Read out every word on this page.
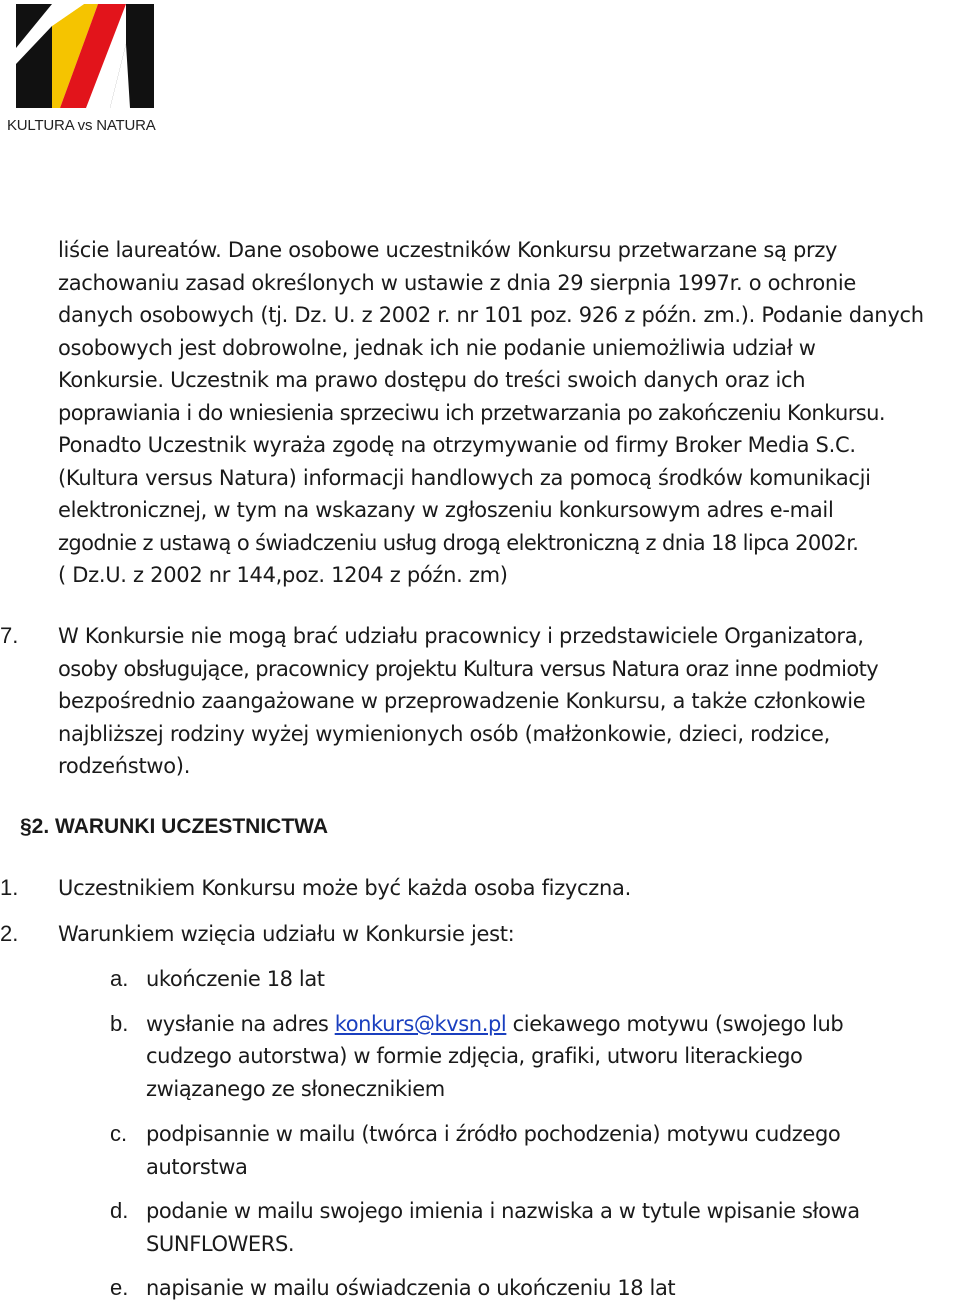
KULTURA vs NATURA
liście laureatów. Dane osobowe uczestników Konkursu przetwarzane są przy
zachowaniu zasad określonych w ustawie z dnia 29 sierpnia 1997r. o ochronie
danych osobowych (tj. Dz. U. z 2002 r. nr 101 poz. 926 z późn. zm.). Podanie danych
osobowych jest dobrowolne, jednak ich nie podanie uniemożliwia udział w
Konkursie. Uczestnik ma prawo dostępu do treści swoich danych oraz ich
poprawiania i do wniesienia sprzeciwu ich przetwarzania po zakończeniu Konkursu.
Ponadto Uczestnik wyraża zgodę na otrzymywanie od firmy Broker Media S.C.
(Kultura versus Natura) informacji handlowych za pomocą środków komunikacji
elektronicznej, w tym na wskazany w zgłoszeniu konkursowym adres e-mail
zgodnie z ustawą o świadczeniu usług drogą elektroniczną z dnia 18 lipca 2002r.
( Dz.U. z 2002 nr 144,poz. 1204 z późn. zm)
7. W Konkursie nie mogą brać udziału pracownicy i przedstawiciele Organizatora,
osoby obsługujące, pracownicy projektu Kultura versus Natura oraz inne podmioty
bezpośrednio zaangażowane w przeprowadzenie Konkursu, a także członkowie
najbliższej rodziny wyżej wymienionych osób (małżonkowie, dzieci, rodzice,
rodzeństwo).
§2. WARUNKI UCZESTNICTWA
1. Uczestnikiem Konkursu może być każda osoba fizyczna.
2. Warunkiem wzięcia udziału w Konkursie jest:
a. ukończenie 18 lat
b. wysłanie na adres konkurs@kvsn.pl ciekawego motywu (swojego lub
cudzego autorstwa) w formie zdjęcia, grafiki, utworu literackiego
związanego ze słonecznikiem
c. podpisannie w mailu (twórca i źródło pochodzenia) motywu cudzego
autorstwa
d. podanie w mailu swojego imienia i nazwiska a w tytule wpisanie słowa
SUNFLOWERS.
e. napisanie w mailu oświadczenia o ukończeniu 18 lat
